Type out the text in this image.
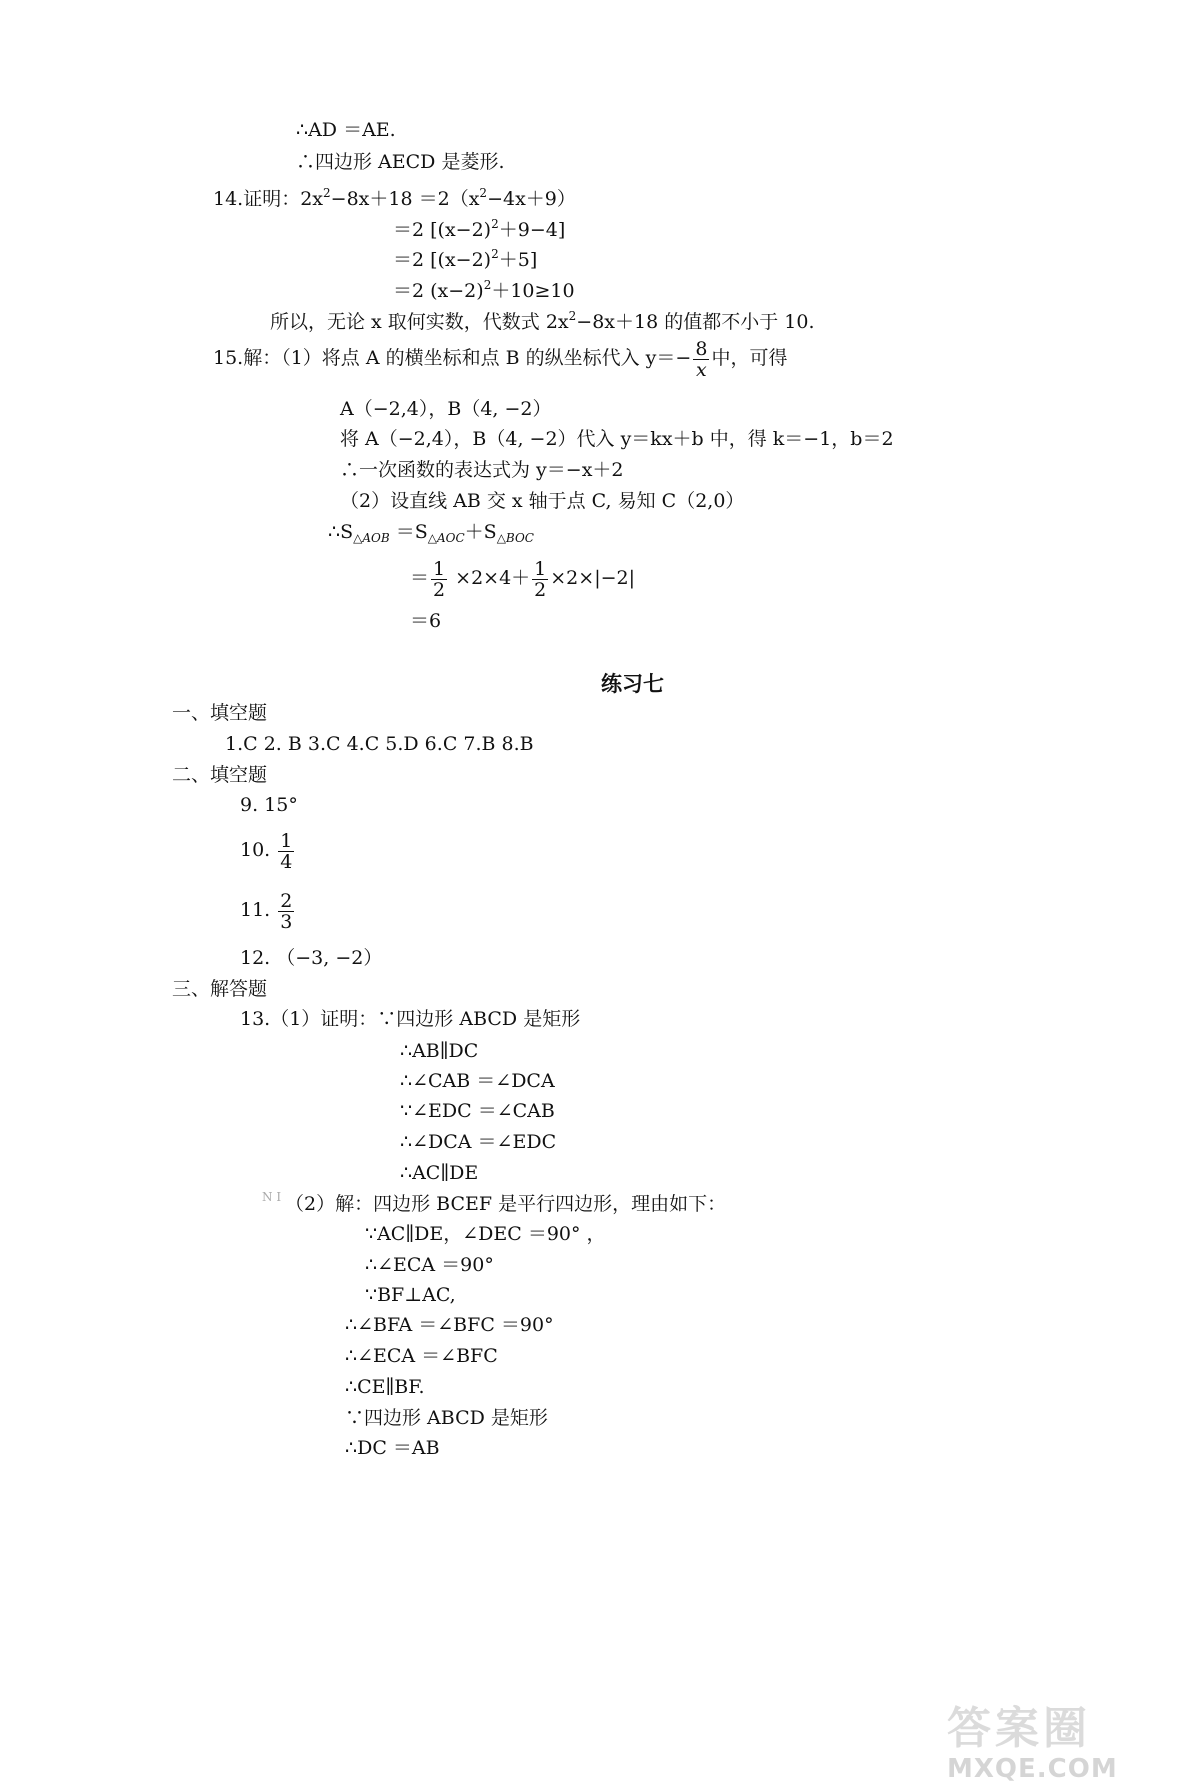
∴AD ＝AE.
∴四边形 AECD 是菱形.
14.证明：$2x^2-8x+18 =2(x^2-4x+9)$
＝2 $[(x-2)^2+9-4]$
＝2 $[(x-2)^2+5]$
＝2 $(x-2)^2+10\ge 10$
所以，无论 x 取何实数，代数式 $2x^2-8x+18$ 的值都不小于 10.
15.解：（1）将点 A 的横坐标和点 B 的纵坐标代入 $y=- \frac{8}{x}$ 中，可得
A（−2,4），B（4, −2）
将 A（−2,4），B（4, −2）代入 y＝kx＋b 中，得 k＝−1，b＝2
∴一次函数的表达式为 y＝−x＋2
（2）设直线 AB 交 x 轴于点 C, 易知 C（2,0）
$\therefore S_{\triangle AOB} =S_{\triangle AOC}+S_{\triangle BOC}$
＝ $\frac{1}{2} \times 2\times 4+ \frac{1}{2} \times 2\times|-2|$
＝6
练习七
一、填空题
1.C 2. B 3.C 4.C 5.D 6.C 7.B 8.B
二、填空题
9. 15°
10. $\frac{1}{4}$
11. $\frac{2}{3}$
12. （−3, −2）
三、解答题
13.（1）证明：∵四边形 ABCD 是矩形
N I
∴AB∥DC
∴∠CAB ＝∠DCA
∵∠EDC ＝∠CAB
∴∠DCA ＝∠EDC
∴AC∥DE
（2）解：四边形 BCEF 是平行四边形，理由如下：
∵AC∥DE，∠DEC ＝90° ，
∴∠ECA ＝90°
∵BF⊥AC,
∴∠BFA ＝∠BFC ＝90°
∴∠ECA ＝∠BFC
∴CE∥BF.
∵四边形 ABCD 是矩形
∴DC ＝AB
答案圈
MXQE.COM
